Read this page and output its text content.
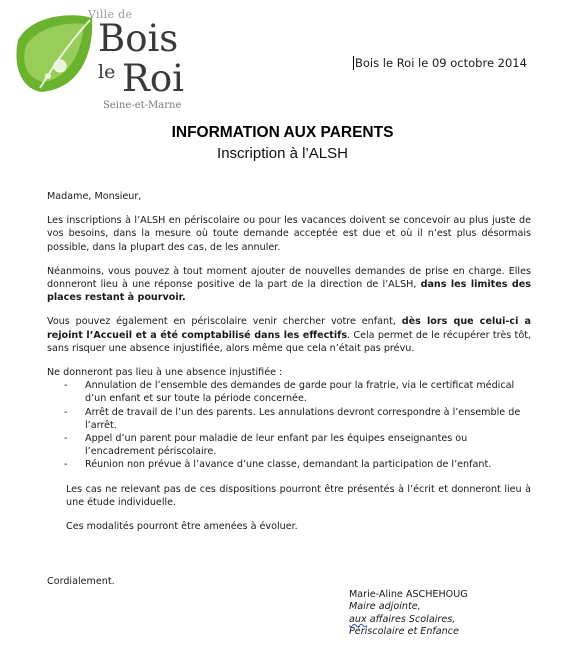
Ville de
Bois
le Roi
Seine-et-Marne
Bois le Roi le 09 octobre 2014
INFORMATION AUX PARENTS
Inscription à l’ALSH

Madame, Monsieur,

Les inscriptions à l’ALSH en périscolaire ou pour les vacances doivent se concevoir au plus juste de vos besoins, dans la mesure où toute demande acceptée est due et où il n’est plus désormais possible, dans la plupart des cas, de les annuler.

Néanmoins, vous pouvez à tout moment ajouter de nouvelles demandes de prise en charge. Elles donneront lieu à une réponse positive de la part de la direction de l’ALSH, dans les limites des places restant à pourvoir.

Vous pouvez également en périscolaire venir chercher votre enfant, dès lors que celui-ci a rejoint l’Accueil et a été comptabilisé dans les effectifs. Cela permet de le récupérer très tôt, sans risquer une absence injustifiée, alors même que cela n’était pas prévu.

Ne donneront pas lieu à une absence injustifiée :

- Annulation de l’ensemble des demandes de garde pour la fratrie, via le certificat médical d’un enfant et sur toute la période concernée.
- Arrêt de travail de l’un des parents. Les annulations devront correspondre à l’ensemble de l’arrêt.
- Appel d’un parent pour maladie de leur enfant par les équipes enseignantes ou l’encadrement périscolaire.
- Réunion non prévue à l’avance d’une classe, demandant la participation de l’enfant.

Les cas ne relevant pas de ces dispositions pourront être présentés à l’écrit et donneront lieu à une étude individuelle.

Ces modalités pourront être amenées à évoluer.

Cordialement.
Marie-Aline ASCHEHOUG
Maire adjointe,
aux affaires Scolaires,
Périscolaire et Enfance
